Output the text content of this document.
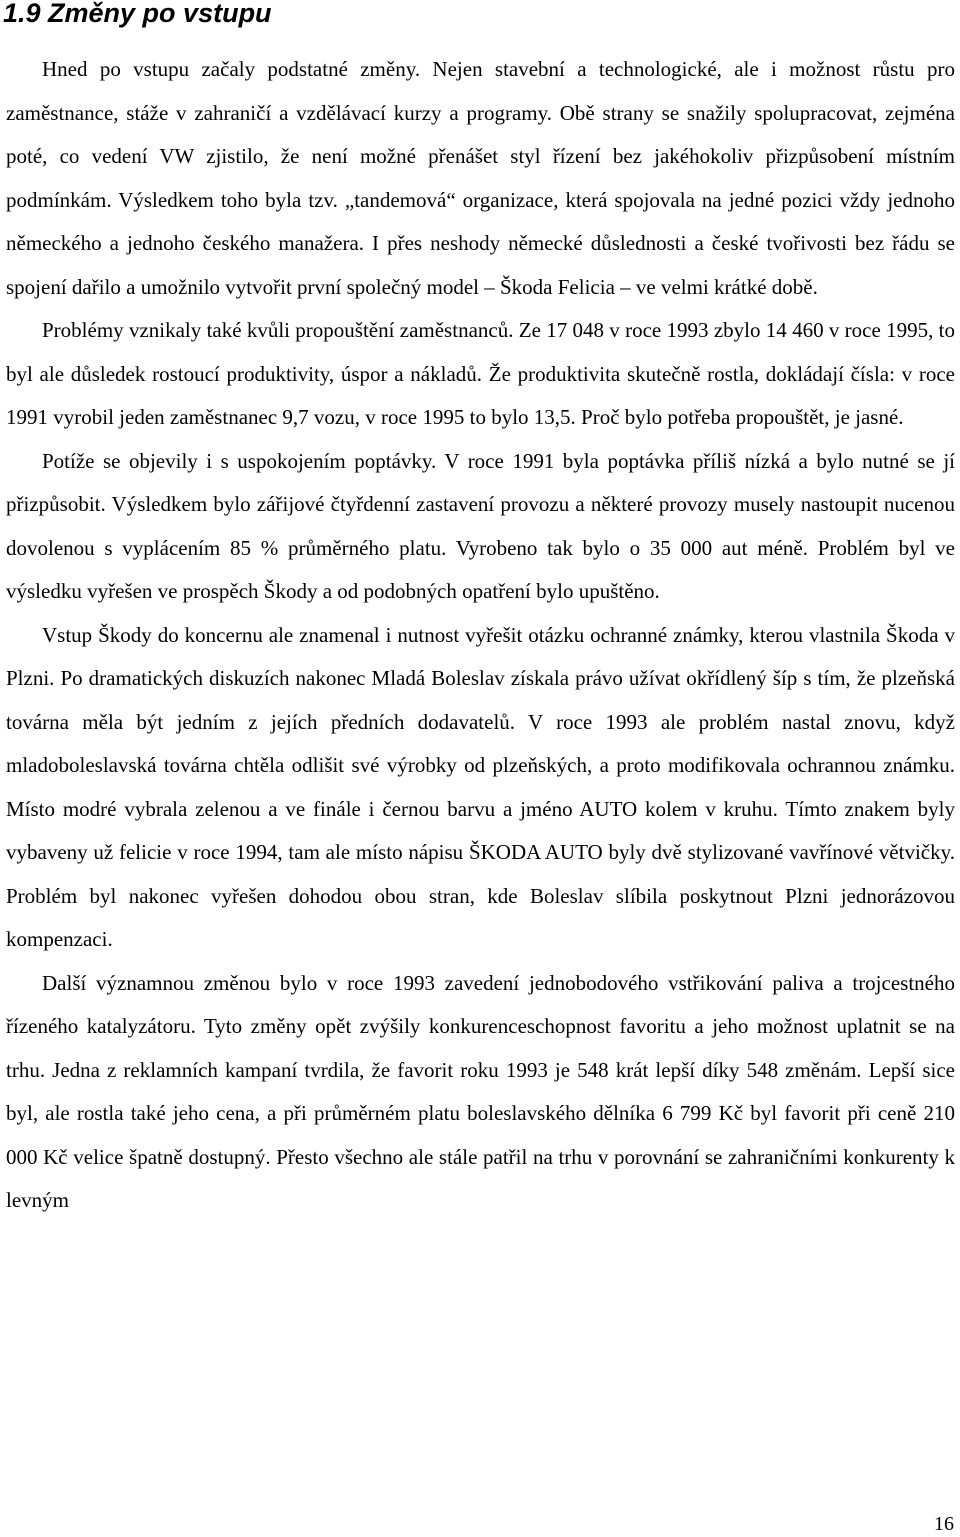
1.9 Změny po vstupu

Hned po vstupu začaly podstatné změny. Nejen stavební a technologické, ale i možnost růstu pro zaměstnance, stáže v zahraničí a vzdělávací kurzy a programy. Obě strany se snažily spolupracovat, zejména poté, co vedení VW zjistilo, že není možné přenášet styl řízení bez jakéhokoliv přizpůsobení místním podmínkám. Výsledkem toho byla tzv. „tandemová“ organizace, která spojovala na jedné pozici vždy jednoho německého a jednoho českého manažera. I přes neshody německé důslednosti a české tvořivosti bez řádu se spojení dařilo a umožnilo vytvořit první společný model – Škoda Felicia – ve velmi krátké době.

Problémy vznikaly také kvůli propouštění zaměstnanců. Ze 17 048 v roce 1993 zbylo 14 460 v roce 1995, to byl ale důsledek rostoucí produktivity, úspor a nákladů. Že produktivita skutečně rostla, dokládají čísla: v roce 1991 vyrobil jeden zaměstnanec 9,7 vozu, v roce 1995 to bylo 13,5. Proč bylo potřeba propouštět, je jasné.

Potíže se objevily i s uspokojením poptávky. V roce 1991 byla poptávka příliš nízká a bylo nutné se jí přizpůsobit. Výsledkem bylo zářijové čtyřdenní zastavení provozu a některé provozy musely nastoupit nucenou dovolenou s vyplácením 85 % průměrného platu. Vyrobeno tak bylo o 35 000 aut méně. Problém byl ve výsledku vyřešen ve prospěch Škody a od podobných opatření bylo upuštěno.

Vstup Škody do koncernu ale znamenal i nutnost vyřešit otázku ochranné známky, kterou vlastnila Škoda v Plzni. Po dramatických diskuzích nakonec Mladá Boleslav získala právo užívat okřídlený šíp s tím, že plzeňská továrna měla být jedním z jejích předních dodavatelů. V roce 1993 ale problém nastal znovu, když mladoboleslavská továrna chtěla odlišit své výrobky od plzeňských, a proto modifikovala ochrannou známku. Místo modré vybrala zelenou a ve finále i černou barvu a jméno AUTO kolem v kruhu. Tímto znakem byly vybaveny už felicie v roce 1994, tam ale místo nápisu ŠKODA AUTO byly dvě stylizované vavřínové větvičky. Problém byl nakonec vyřešen dohodou obou stran, kde Boleslav slíbila poskytnout Plzni jednorázovou kompenzaci.

Další významnou změnou bylo v roce 1993 zavedení jednobodového vstřikování paliva a trojcestného řízeného katalyzátoru. Tyto změny opět zvýšily konkurenceschopnost favoritu a jeho možnost uplatnit se na trhu. Jedna z reklamních kampaní tvrdila, že favorit roku 1993 je 548 krát lepší díky 548 změnám. Lepší sice byl, ale rostla také jeho cena, a při průměrném platu boleslavského dělníka 6 799 Kč byl favorit při ceně 210 000 Kč velice špatně dostupný. Přesto všechno ale stále patřil na trhu v porovnání se zahraničními konkurenty k levným

16
